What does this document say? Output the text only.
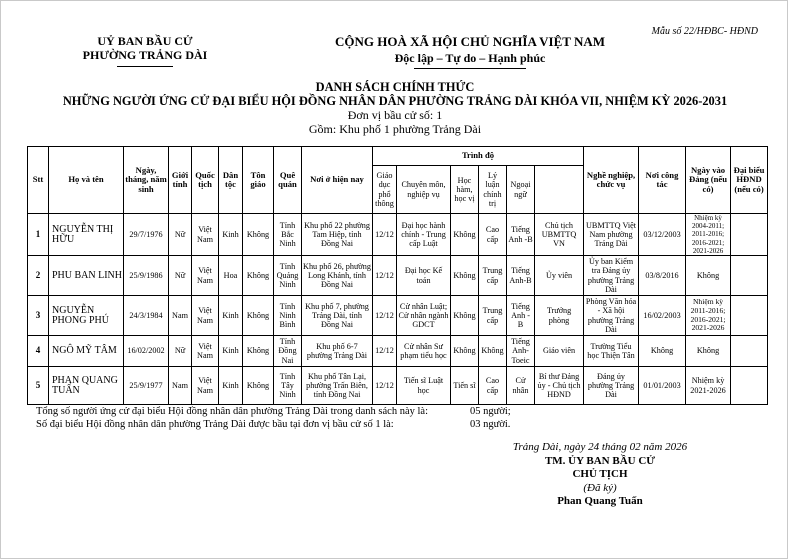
Mẫu số 22/HĐBC- HĐND
UỶ BAN BẦU CỬ
PHƯỜNG TRẢNG DÀI
CỘNG HOÀ XÃ HỘI CHỦ NGHĨA VIỆT NAM
Độc lập – Tự do – Hạnh phúc
DANH SÁCH CHÍNH THỨC
NHỮNG NGƯỜI ỨNG CỬ ĐẠI BIỂU HỘI ĐỒNG NHÂN DÂN PHƯỜNG TRẢNG DÀI KHÓA VII, NHIỆM KỲ 2026-2031
Đơn vị bầu cử số: 1
Gồm: Khu phố 1 phường Trảng Dài
Stt	Họ và tên	Ngày, tháng, năm sinh	Giới tính	Quốc tịch	Dân tộc	Tôn giáo	Quê quán	Nơi ở hiện nay	Trình độ						Nghề nghiệp, chức vụ	Nơi công tác	Ngày vào Đảng (nếu có)	Đại biểu HĐND (nếu có)	
									Giáo dục phổ thông	Chuyên môn, nghiệp vụ	Học hàm, học vị	Lý luận chính trị	Ngoại ngữ						
1	NGUYỄN THỊ HỮU	29/7/1976	Nữ	Việt Nam	Kinh	Không	Tỉnh Bắc Ninh	Khu phố 22 phường Tam Hiệp, tỉnh Đồng Nai	12/12	Đại học hành chính - Trung cấp Luật	Không	Cao cấp	Tiếng Anh -B	Chủ tịch UBMTTQ VN	UBMTTQ Việt Nam phường Trảng Dài	03/12/2003	Nhiệm kỳ 2004-2011; 2011-2016; 2016-2021; 2021-2026		
2	PHU BAN LINH	25/9/1986	Nữ	Việt Nam	Hoa	Không	Tỉnh Quảng Ninh	Khu phố 26, phường Long Khánh, tỉnh Đồng Nai	12/12	Đại học Kế toán	Không	Trung cấp	Tiếng Anh-B	Ủy viên	Ủy ban Kiểm tra Đảng ủy phường Trảng Dài	03/8/2016	Không		
3	NGUYỄN PHONG PHÚ	24/3/1984	Nam	Việt Nam	Kinh	Không	Tỉnh Ninh Bình	Khu phố 7, phường Trảng Dài, tỉnh Đồng Nai	12/12	Cử nhân Luật; Cử nhân ngành GDCT	Không	Trung cấp	Tiếng Anh - B	Trưởng phòng	Phòng Văn hóa - Xã hội phường Trảng Dài	16/02/2003	Nhiệm kỳ 2011-2016; 2016-2021; 2021-2026		
4	NGÔ MỸ TÂM	16/02/2002	Nữ	Việt Nam	Kinh	Không	Tỉnh Đồng Nai	Khu phố 6-7 phường Trảng Dài	12/12	Cử nhân Sư phạm tiểu học	Không	Không	Tiếng Anh-Toeic	Giáo viên	Trường Tiểu học Thiện Tân	Không	Không		
5	PHAN QUANG TUẤN	25/9/1977	Nam	Việt Nam	Kinh	Không	Tỉnh Tây Ninh	Khu phố Tân Lại, phường Trấn Biên, tỉnh Đồng Nai	12/12	Tiến sĩ Luật học	Tiến sĩ	Cao cấp	Cử nhân	Bí thư Đảng ủy - Chủ tịch HĐND	Đảng ủy phường Trảng Dài	01/01/2003	Nhiệm kỳ 2021-2026		
Tổng số người ứng cử đại biểu Hội đồng nhân dân phường Trảng Dài trong danh sách này là:	05 người;
Số đại biểu Hội đồng nhân dân phường Trảng Dài được bầu tại đơn vị bầu cử số 1 là:	03 người.
Trảng Dài, ngày 24 tháng 02 năm 2026
TM. ỦY BAN BẦU CỬ
CHỦ TỊCH
(Đã ký)
Phan Quang Tuấn
